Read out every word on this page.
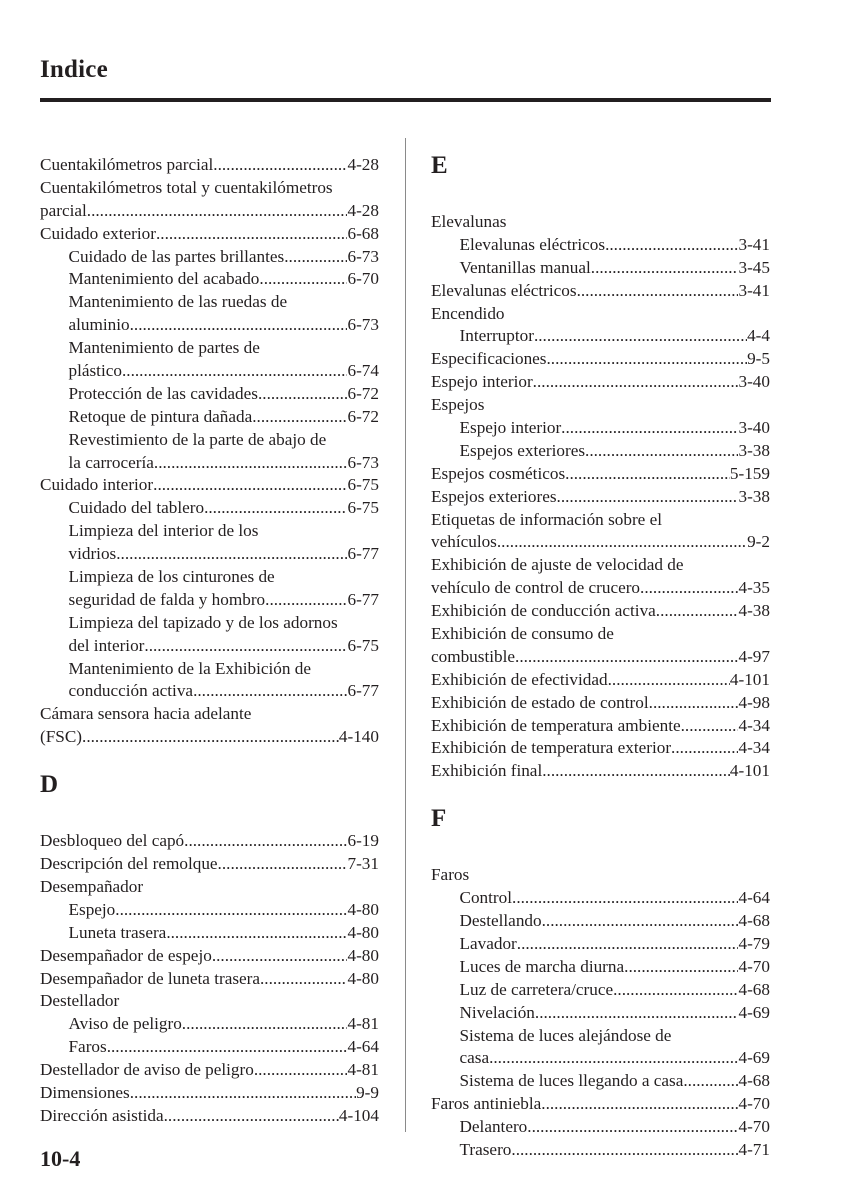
Indice
Cuentakilómetros parcial .....	4-28
Cuentakilómetros total y cuentakilómetros
parcial .....	4-28
Cuidado exterior .....	6-68
Cuidado de las partes brillantes .....	6-73
Mantenimiento del acabado .....	6-70
Mantenimiento de las ruedas de
aluminio .....	6-73
Mantenimiento de partes de
plástico .....	6-74
Protección de las cavidades .....	6-72
Retoque de pintura dañada .....	6-72
Revestimiento de la parte de abajo de
la carrocería .....	6-73
Cuidado interior .....	6-75
Cuidado del tablero .....	6-75
Limpieza del interior de los
vidrios .....	6-77
Limpieza de los cinturones de
seguridad de falda y hombro .....	6-77
Limpieza del tapizado y de los adornos
del interior .....	6-75
Mantenimiento de la Exhibición de
conducción activa .....	6-77
Cámara sensora hacia adelante
(FSC) .....	4-140
D
Desbloqueo del capó .....	6-19
Descripción del remolque .....	7-31
Desempañador
Espejo .....	4-80
Luneta trasera .....	4-80
Desempañador de espejo .....	4-80
Desempañador de luneta trasera .....	4-80
Destellador
Aviso de peligro .....	4-81
Faros .....	4-64
Destellador de aviso de peligro .....	4-81
Dimensiones .....	9-9
Dirección asistida .....	4-104
E
Elevalunas
Elevalunas eléctricos .....	3-41
Ventanillas manual .....	3-45
Elevalunas eléctricos .....	3-41
Encendido
Interruptor .....	4-4
Especificaciones .....	9-5
Espejo interior .....	3-40
Espejos
Espejo interior .....	3-40
Espejos exteriores .....	3-38
Espejos cosméticos .....	5-159
Espejos exteriores .....	3-38
Etiquetas de información sobre el
vehículos .....	9-2
Exhibición de ajuste de velocidad de
vehículo de control de crucero .....	4-35
Exhibición de conducción activa .....	4-38
Exhibición de consumo de
combustible .....	4-97
Exhibición de efectividad .....	4-101
Exhibición de estado de control .....	4-98
Exhibición de temperatura ambiente .....	4-34
Exhibición de temperatura exterior .....	4-34
Exhibición final .....	4-101
F
Faros
Control .....	4-64
Destellando .....	4-68
Lavador .....	4-79
Luces de marcha diurna .....	4-70
Luz de carretera/cruce .....	4-68
Nivelación .....	4-69
Sistema de luces alejándose de
casa .....	4-69
Sistema de luces llegando a casa .....	4-68
Faros antiniebla .....	4-70
Delantero .....	4-70
Trasero .....	4-71
10-4
